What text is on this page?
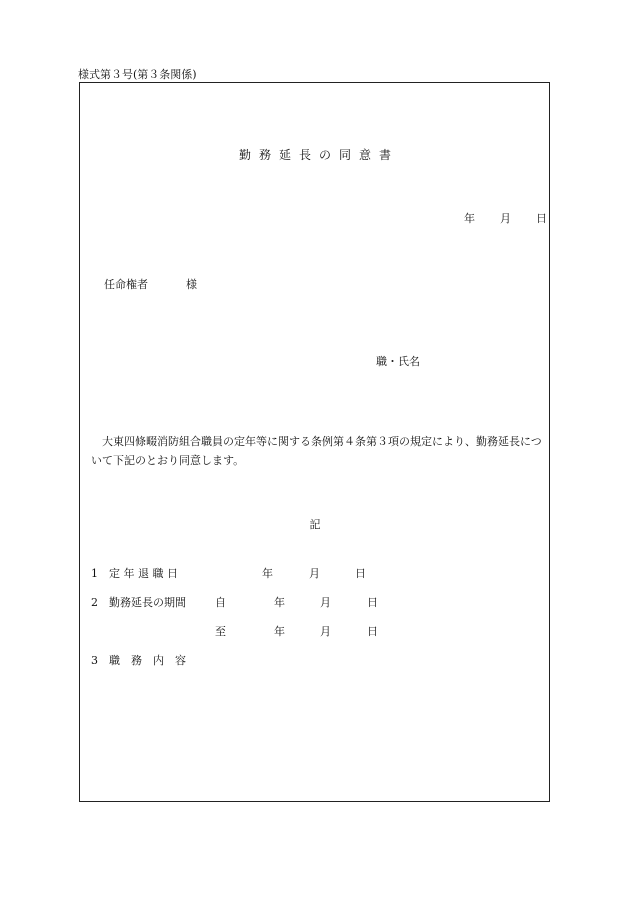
様式第３号(第３条関係)
勤 務 延 長 の 同 意 書
年 月 日
任命権者	様
職・氏名
大東四條畷消防組合職員の定年等に関する条例第４条第３項の規定により、勤務延長について下記のとおり同意します。
記
1 定 年 退 職 日	年	月	日
2 勤務延長の期間	自	年	月	日
至	年	月	日
3 職　務　内　容
